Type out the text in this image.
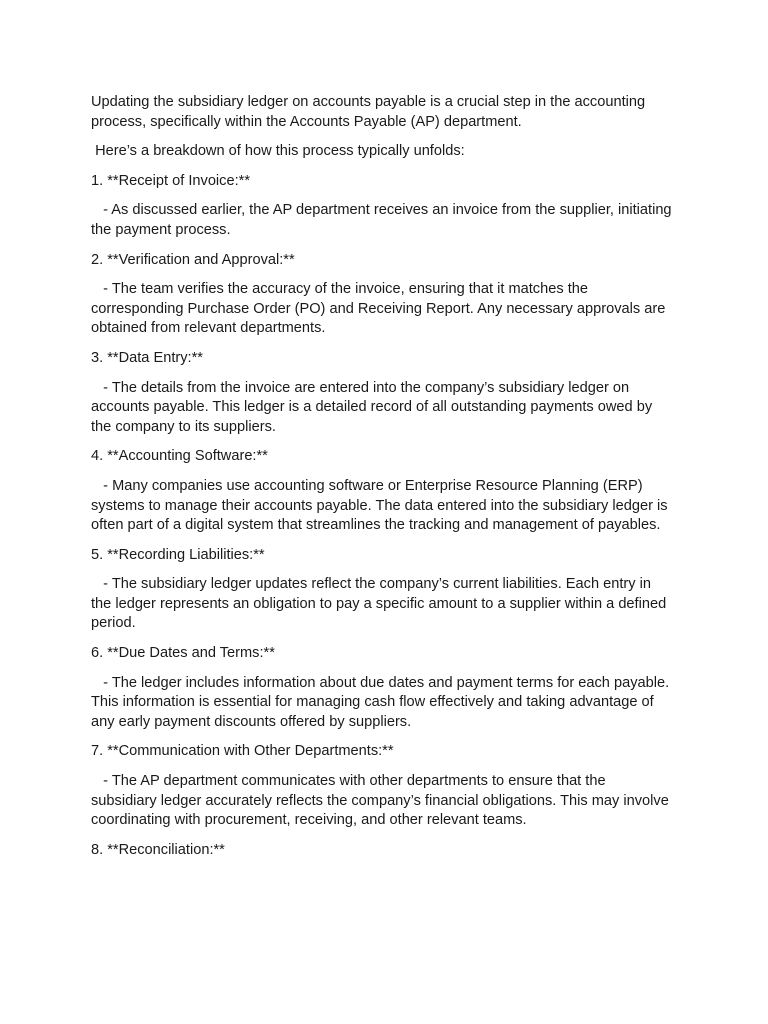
Updating the subsidiary ledger on accounts payable is a crucial step in the accounting process, specifically within the Accounts Payable (AP) department.

Here’s a breakdown of how this process typically unfolds:

1. **Receipt of Invoice:**

- As discussed earlier, the AP department receives an invoice from the supplier, initiating the payment process.

2. **Verification and Approval:**

- The team verifies the accuracy of the invoice, ensuring that it matches the corresponding Purchase Order (PO) and Receiving Report. Any necessary approvals are obtained from relevant departments.

3. **Data Entry:**

- The details from the invoice are entered into the company’s subsidiary ledger on accounts payable. This ledger is a detailed record of all outstanding payments owed by the company to its suppliers.

4. **Accounting Software:**

- Many companies use accounting software or Enterprise Resource Planning (ERP) systems to manage their accounts payable. The data entered into the subsidiary ledger is often part of a digital system that streamlines the tracking and management of payables.

5. **Recording Liabilities:**

- The subsidiary ledger updates reflect the company’s current liabilities. Each entry in the ledger represents an obligation to pay a specific amount to a supplier within a defined period.

6. **Due Dates and Terms:**

- The ledger includes information about due dates and payment terms for each payable. This information is essential for managing cash flow effectively and taking advantage of any early payment discounts offered by suppliers.

7. **Communication with Other Departments:**

- The AP department communicates with other departments to ensure that the subsidiary ledger accurately reflects the company’s financial obligations. This may involve coordinating with procurement, receiving, and other relevant teams.

8. **Reconciliation:**
